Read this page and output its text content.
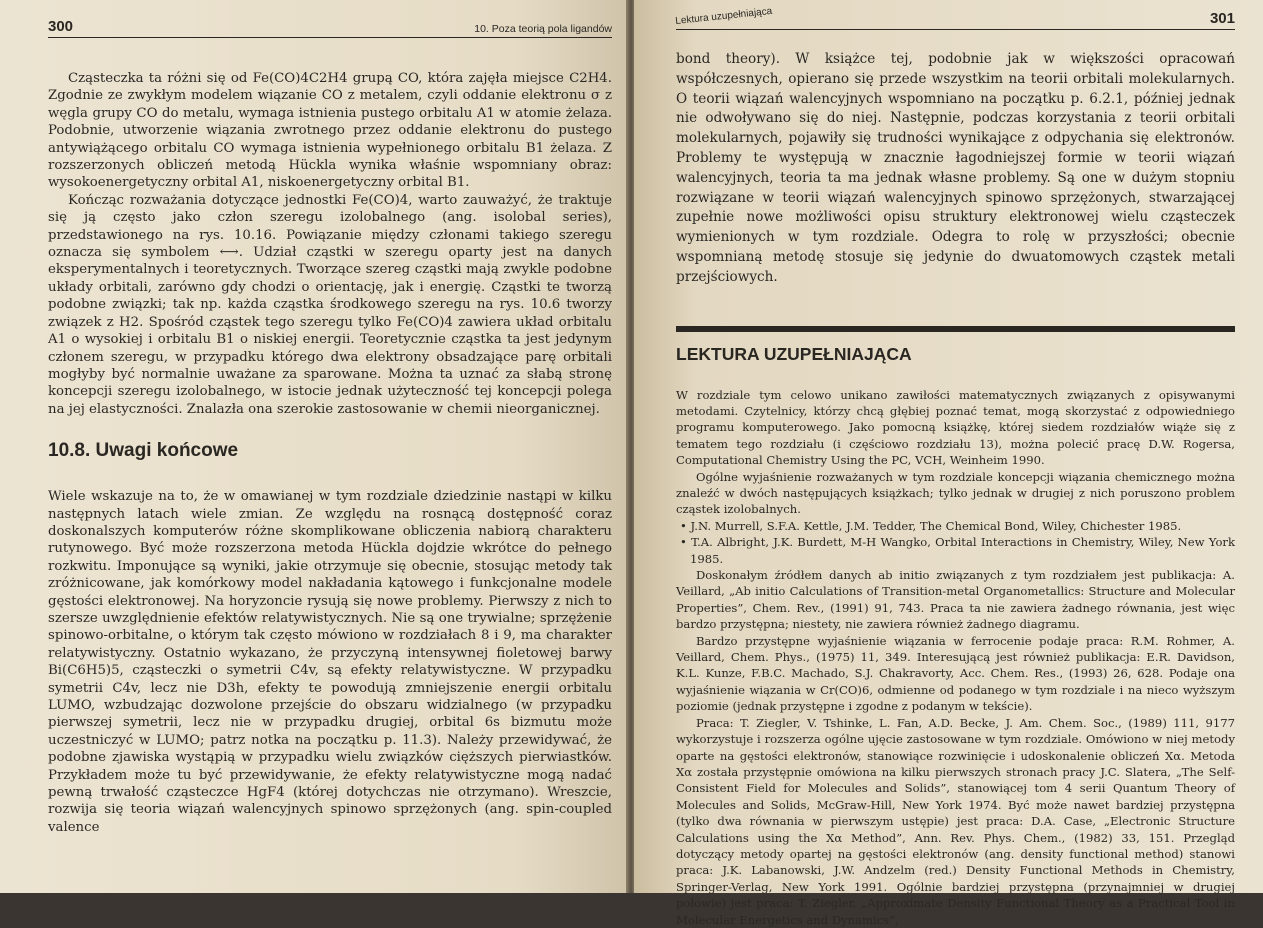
300	10. Poza teorią pola ligandów

Cząsteczka ta różni się od Fe(CO)4C2H4 grupą CO, która zajęła miejsce C2H4. Zgodnie ze zwykłym modelem wiązanie CO z metalem, czyli oddanie elektronu σ z węgla grupy CO do metalu, wymaga istnienia pustego orbitalu A1 w atomie żelaza. Podobnie, utworzenie wiązania zwrotnego przez oddanie elektronu do pustego antywiążącego orbitalu CO wymaga istnienia wypełnionego orbitalu B1 żelaza. Z rozszerzonych obliczeń metodą Hückla wynika właśnie wspomniany obraz: wysokoenergetyczny orbital A1, niskoenergetyczny orbital B1.

Kończąc rozważania dotyczące jednostki Fe(CO)4, warto zauważyć, że traktuje się ją często jako człon szeregu izolobalnego (ang. isolobal series), przedstawionego na rys. 10.16. Powiązanie między członami takiego szeregu oznacza się symbolem ⟷. Udział cząstki w szeregu oparty jest na danych eksperymentalnych i teoretycznych. Tworzące szereg cząstki mają zwykle podobne układy orbitali, zarówno gdy chodzi o orientację, jak i energię. Cząstki te tworzą podobne związki; tak np. każda cząstka środkowego szeregu na rys. 10.6 tworzy związek z H2. Spośród cząstek tego szeregu tylko Fe(CO)4 zawiera układ orbitalu A1 o wysokiej i orbitalu B1 o niskiej energii. Teoretycznie cząstka ta jest jedynym członem szeregu, w przypadku którego dwa elektrony obsadzające parę orbitali mogłyby być normalnie uważane za sparowane. Można ta uznać za słabą stronę koncepcji szeregu izolobalnego, w istocie jednak użyteczność tej koncepcji polega na jej elastyczności. Znalazła ona szerokie zastosowanie w chemii nieorganicznej.

10.8. Uwagi końcowe

Wiele wskazuje na to, że w omawianej w tym rozdziale dziedzinie nastąpi w kilku następnych latach wiele zmian. Ze względu na rosnącą dostępność coraz doskonalszych komputerów różne skomplikowane obliczenia nabiorą charakteru rutynowego. Być może rozszerzona metoda Hückla dojdzie wkrótce do pełnego rozkwitu. Imponujące są wyniki, jakie otrzymuje się obecnie, stosując metody tak zróżnicowane, jak komórkowy model nakładania kątowego i funkcjonalne modele gęstości elektronowej. Na horyzoncie rysują się nowe problemy. Pierwszy z nich to szersze uwzględnienie efektów relatywistycznych. Nie są one trywialne; sprzężenie spinowo-orbitalne, o którym tak często mówiono w rozdziałach 8 i 9, ma charakter relatywistyczny. Ostatnio wykazano, że przyczyną intensywnej fioletowej barwy Bi(C6H5)5, cząsteczki o symetrii C4v, są efekty relatywistyczne. W przypadku symetrii C4v, lecz nie D3h, efekty te powodują zmniejszenie energii orbitalu LUMO, wzbudzając dozwolone przejście do obszaru widzialnego (w przypadku pierwszej symetrii, lecz nie w przypadku drugiej, orbital 6s bizmutu może uczestniczyć w LUMO; patrz notka na początku p. 11.3). Należy przewidywać, że podobne zjawiska wystąpią w przypadku wielu związków cięższych pierwiastków. Przykładem może tu być przewidywanie, że efekty relatywistyczne mogą nadać pewną trwałość cząsteczce HgF4 (której dotychczas nie otrzymano). Wreszcie, rozwija się teoria wiązań walencyjnych spinowo sprzężonych (ang. spin-coupled valence

Lektura uzupełniająca	301

bond theory). W książce tej, podobnie jak w większości opracowań współczesnych, opierano się przede wszystkim na teorii orbitali molekularnych. O teorii wiązań walencyjnych wspomniano na początku p. 6.2.1, później jednak nie odwoływano się do niej. Następnie, podczas korzystania z teorii orbitali molekularnych, pojawiły się trudności wynikające z odpychania się elektronów. Problemy te występują w znacznie łagodniejszej formie w teorii wiązań walencyjnych, teoria ta ma jednak własne problemy. Są one w dużym stopniu rozwiązane w teorii wiązań walencyjnych spinowo sprzężonych, stwarzającej zupełnie nowe możliwości opisu struktury elektronowej wielu cząsteczek wymienionych w tym rozdziale. Odegra to rolę w przyszłości; obecnie wspomnianą metodę stosuje się jedynie do dwuatomowych cząstek metali przejściowych.

LEKTURA UZUPEŁNIAJĄCA

W rozdziale tym celowo unikano zawiłości matematycznych związanych z opisywanymi metodami. Czytelnicy, którzy chcą głębiej poznać temat, mogą skorzystać z odpowiedniego programu komputerowego. Jako pomocną książkę, której siedem rozdziałów wiąże się z tematem tego rozdziału (i częściowo rozdziału 13), można polecić pracę D.W. Rogersa, Computational Chemistry Using the PC, VCH, Weinheim 1990.

Ogólne wyjaśnienie rozważanych w tym rozdziale koncepcji wiązania chemicznego można znaleźć w dwóch następujących książkach; tylko jednak w drugiej z nich poruszono problem cząstek izolobalnych.

• J.N. Murrell, S.F.A. Kettle, J.M. Tedder, The Chemical Bond, Wiley, Chichester 1985.

• T.A. Albright, J.K. Burdett, M-H Wangko, Orbital Interactions in Chemistry, Wiley, New York 1985.

Doskonałym źródłem danych ab initio związanych z tym rozdziałem jest publikacja: A. Veillard, „Ab initio Calculations of Transition-metal Organometallics: Structure and Molecular Properties”, Chem. Rev., (1991) 91, 743. Praca ta nie zawiera żadnego równania, jest więc bardzo przystępna; niestety, nie zawiera również żadnego diagramu.

Bardzo przystępne wyjaśnienie wiązania w ferrocenie podaje praca: R.M. Rohmer, A. Veillard, Chem. Phys., (1975) 11, 349. Interesującą jest również publikacja: E.R. Davidson, K.L. Kunze, F.B.C. Machado, S.J. Chakravorty, Acc. Chem. Res., (1993) 26, 628. Podaje ona wyjaśnienie wiązania w Cr(CO)6, odmienne od podanego w tym rozdziale i na nieco wyższym poziomie (jednak przystępne i zgodne z podanym w tekście).

Praca: T. Ziegler, V. Tshinke, L. Fan, A.D. Becke, J. Am. Chem. Soc., (1989) 111, 9177 wykorzystuje i rozszerza ogólne ujęcie zastosowane w tym rozdziale. Omówiono w niej metody oparte na gęstości elektronów, stanowiące rozwinięcie i udoskonalenie obliczeń Xα. Metoda Xα została przystępnie omówiona na kilku pierwszych stronach pracy J.C. Slatera, „The Self-Consistent Field for Molecules and Solids”, stanowiącej tom 4 serii Quantum Theory of Molecules and Solids, McGraw-Hill, New York 1974. Być może nawet bardziej przystępna (tylko dwa równania w pierwszym ustępie) jest praca: D.A. Case, „Electronic Structure Calculations using the Xα Method”, Ann. Rev. Phys. Chem., (1982) 33, 151. Przegląd dotyczący metody opartej na gęstości elektronów (ang. density functional method) stanowi praca: J.K. Labanowski, J.W. Andzelm (red.) Density Functional Methods in Chemistry, Springer-Verlag, New York 1991. Ogólnie bardziej przystępna (przynajmniej w drugiej połowie) jest praca: T. Ziegler, „Approximate Density Functional Theory as a Practical Tool in Molecular Energetics and Dynamics”,
